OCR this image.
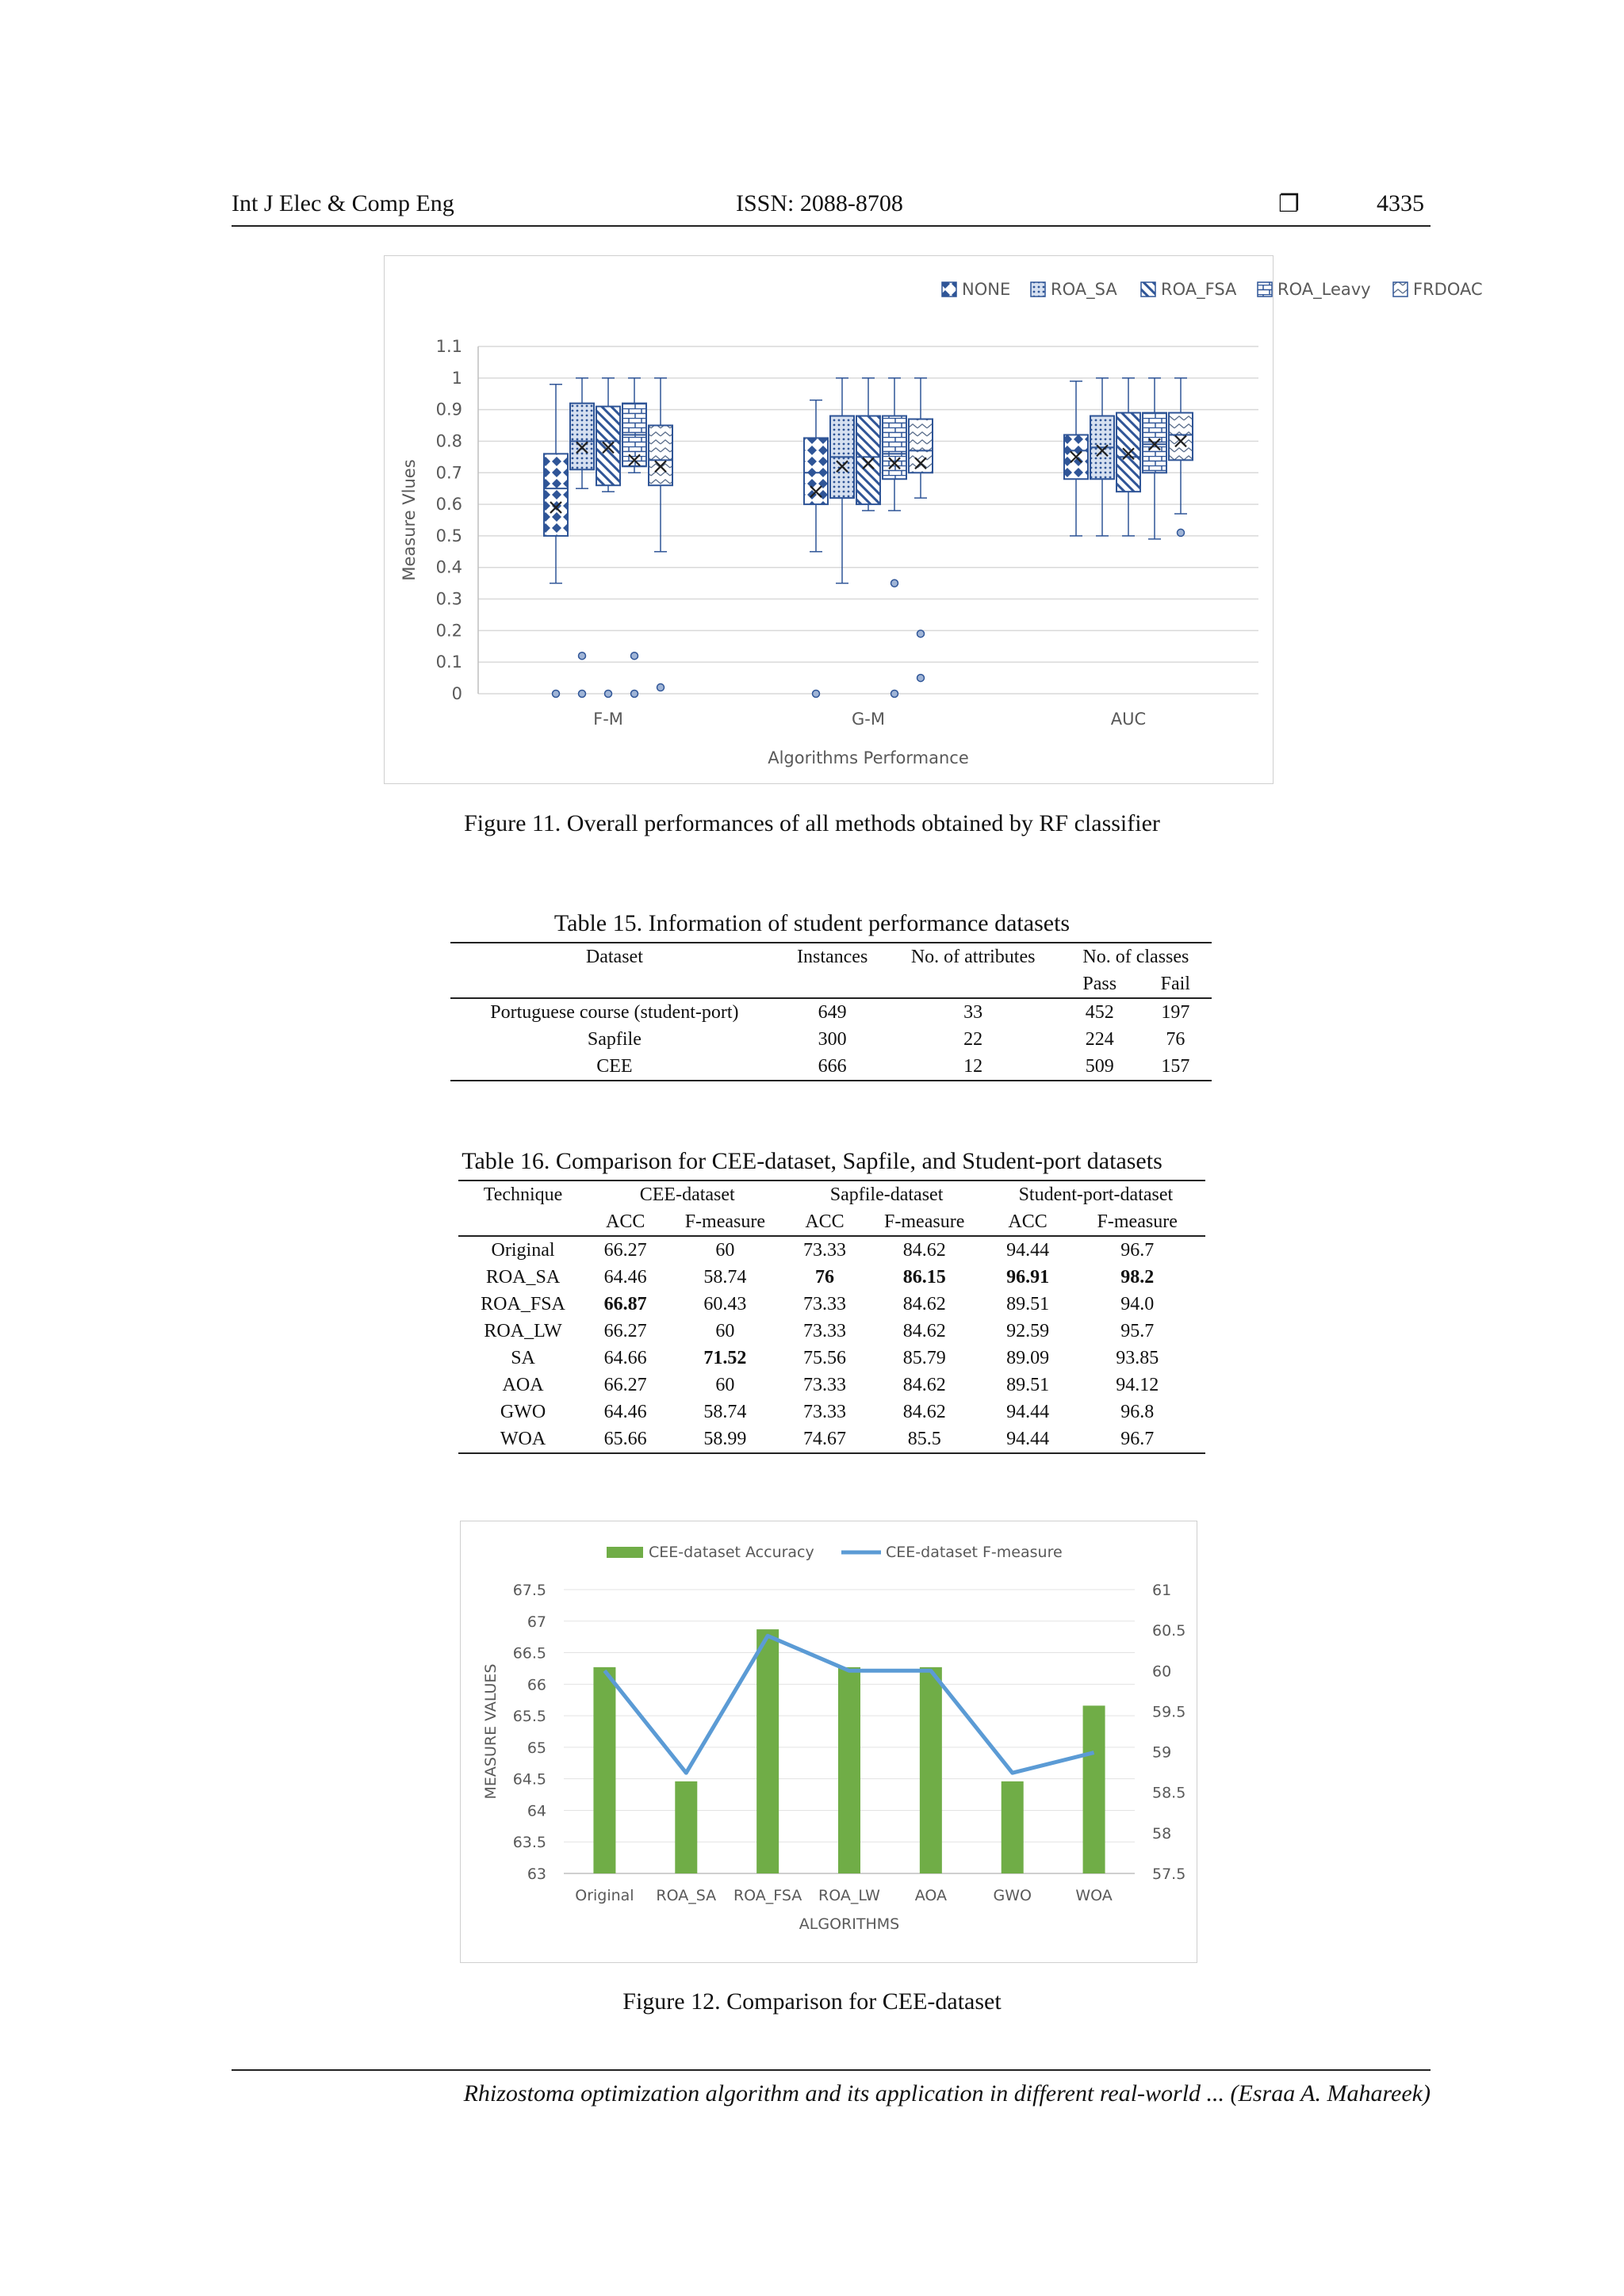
Int J Elec & Comp Eng	ISSN: 2088-8708	❐	4335
NONE ROA_SA	ROA_FSA ROA_Leavy	FRDOAC
0
0.1
0.2
0.3
0.4
0.5
0.6
0.7
0.8
0.9
1
1.1
Measure Vlues
Algorithms Performance
F-M	G-M	AUC
Figure 11. Overall performances of all methods obtained by RF classifier
Table 15. Information of student performance datasets
Dataset	Instances	No. of attributes	No. of classes	
			Pass	Fail
Portuguese course (student-port)	649	33	452	197
Sapfile	300	22	224	76
CEE	666	12	509	157
Table 16. Comparison for CEE-dataset, Sapfile, and Student-port datasets
Technique	CEE-dataset		Sapfile-dataset		Student-port-dataset	
	ACC	F-measure	ACC	F-measure	ACC	F-measure
Original	66.27	60	73.33	84.62	94.44	96.7
ROA_SA	64.46	58.74	76	86.15	96.91	98.2
ROA_FSA	66.87	60.43	73.33	84.62	89.51	94.0
ROA_LW	66.27	60	73.33	84.62	92.59	95.7
SA	64.66	71.52	75.56	85.79	89.09	93.85
AOA	66.27	60	73.33	84.62	89.51	94.12
GWO	64.46	58.74	73.33	84.62	94.44	96.8
WOA	65.66	58.99	74.67	85.5	94.44	96.7
CEE-dataset Accuracy	CEE-dataset F-measure
63
63.5
64
64.5
65
65.5
66
66.5
67
67.5
57.5
58
58.5
59
59.5
60
60.5
61
MEASURE VALUES
ALGORITHMS
Original ROA_SA ROA_FSA ROA_LW AOA	GWO	WOA
Figure 12. Comparison for CEE-dataset
Rhizostoma optimization algorithm and its application in different real-world ... (Esraa A. Mahareek)
